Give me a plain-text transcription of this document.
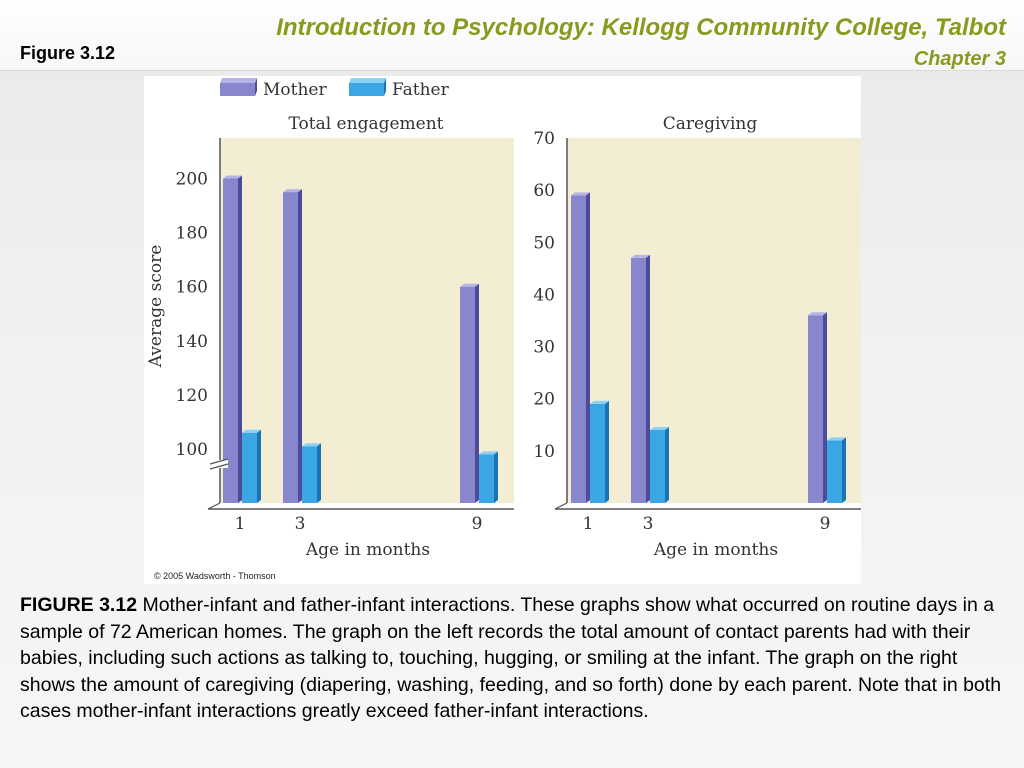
Introduction to Psychology: Kellogg Community College, Talbot
Chapter 3
Figure 3.12
Mother	Father
Total engagement
Age in months
Average score
100
120
140
160
180
200
1	3	9
Caregiving
Age in months
10
20
30
40
50
60
70
1	3	9
© 2005 Wadsworth - Thomson

FIGURE 3.12 Mother-infant and father-infant interactions. These graphs show what occurred on routine days in a sample of 72 American homes. The graph on the left records the total amount of contact parents had with their babies, including such actions as talking to, touching, hugging, or smiling at the infant. The graph on the right shows the amount of caregiving (diapering, washing, feeding, and so forth) done by each parent. Note that in both cases mother-infant interactions greatly exceed father-infant interactions.
